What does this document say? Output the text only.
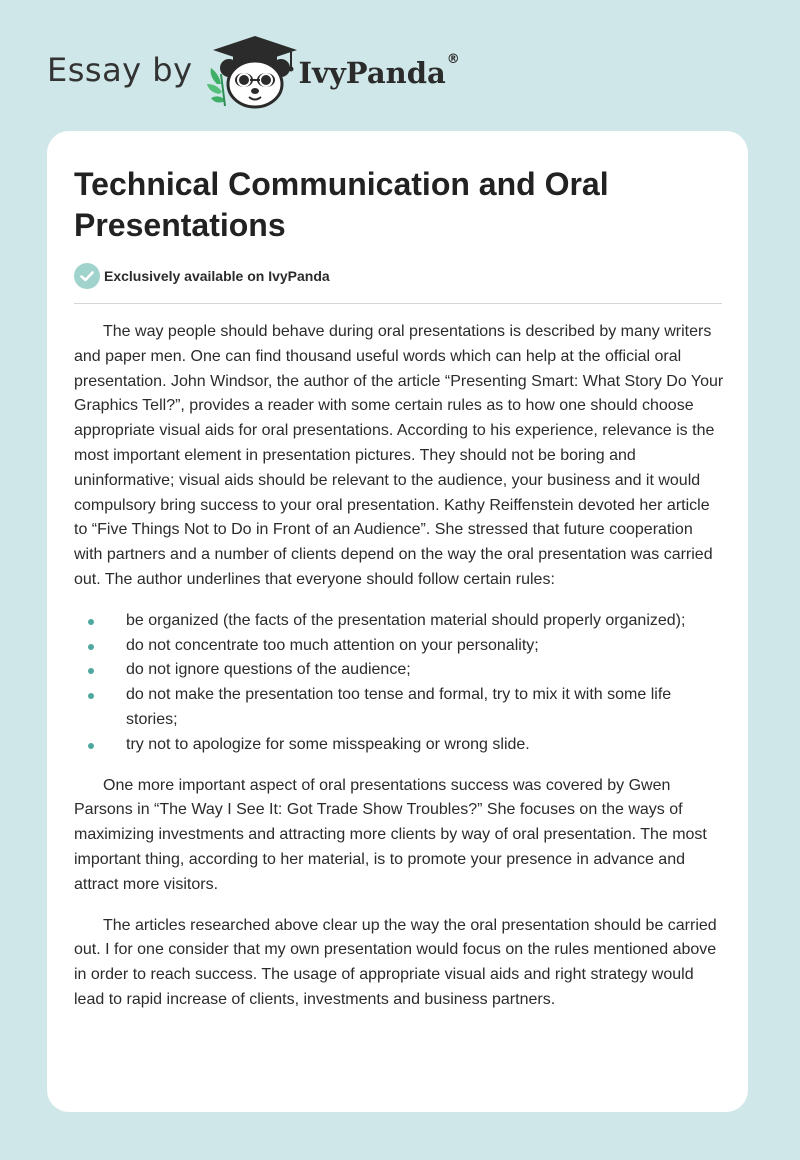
Essay by	IvyPanda®
Technical Communication and Oral Presentations
Exclusively available on IvyPanda

The way people should behave during oral presentations is described by many writers and paper men. One can find thousand useful words which can help at the official oral presentation. John Windsor, the author of the article “Presenting Smart: What Story Do Your Graphics Tell?”, provides a reader with some certain rules as to how one should choose appropriate visual aids for oral presentations. According to his experience, relevance is the most important element in presentation pictures. They should not be boring and uninformative; visual aids should be relevant to the audience, your business and it would compulsory bring success to your oral presentation. Kathy Reiffenstein devoted her article to “Five Things Not to Do in Front of an Audience”. She stressed that future cooperation with partners and a number of clients depend on the way the oral presentation was carried out. The author underlines that everyone should follow certain rules:

be organized (the facts of the presentation material should properly organized);
do not concentrate too much attention on your personality;
do not ignore questions of the audience;
do not make the presentation too tense and formal, try to mix it with some life stories;
try not to apologize for some misspeaking or wrong slide.

One more important aspect of oral presentations success was covered by Gwen Parsons in “The Way I See It: Got Trade Show Troubles?” She focuses on the ways of maximizing investments and attracting more clients by way of oral presentation. The most important thing, according to her material, is to promote your presence in advance and attract more visitors.

The articles researched above clear up the way the oral presentation should be carried out. I for one consider that my own presentation would focus on the rules mentioned above in order to reach success. The usage of appropriate visual aids and right strategy would lead to rapid increase of clients, investments and business partners.
